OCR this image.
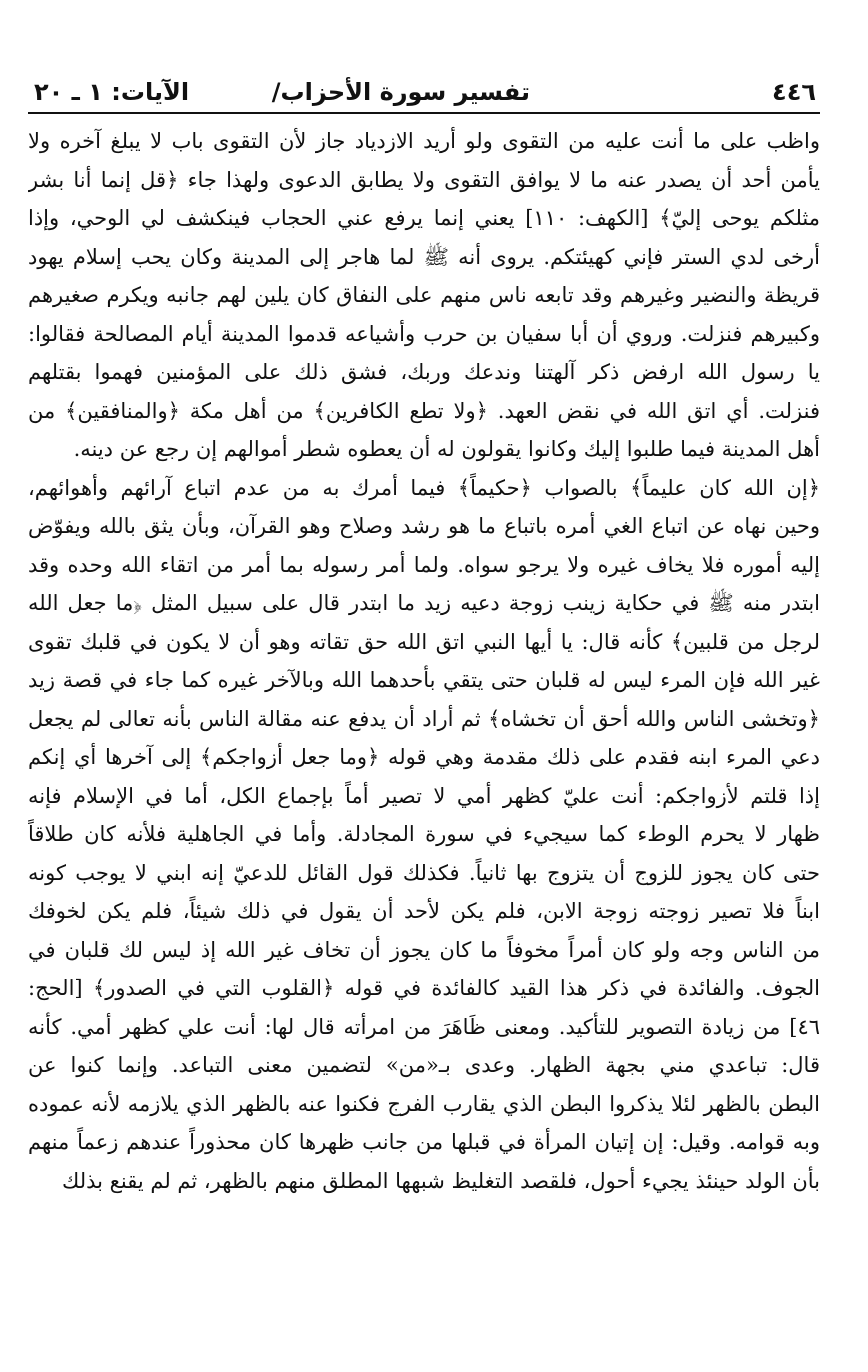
٤٤٦
تفسير سورة الأحزاب/
الآيات: ١ ـ ٢٠
واظب على ما أنت عليه من التقوى ولو أريد الازدياد جاز لأن التقوى باب لا يبلغ آخره ولا
يأمن أحد أن يصدر عنه ما لا يوافق التقوى ولا يطابق الدعوى ولهذا جاء ﴿قل إنما أنا بشر
مثلكم يوحى إليّ﴾ [الكهف: ١١٠] يعني إنما يرفع عني الحجاب فينكشف لي الوحي، وإذا
أرخى لدي الستر فإني كهيئتكم. يروى أنه ﷺ لما هاجر إلى المدينة وكان يحب إسلام يهود
قريظة والنضير وغيرهم وقد تابعه ناس منهم على النفاق كان يلين لهم جانبه ويكرم صغيرهم
وكبيرهم فنزلت. وروي أن أبا سفيان بن حرب وأشياعه قدموا المدينة أيام المصالحة فقالوا:
يا رسول الله ارفض ذكر آلهتنا وندعك وربك، فشق ذلك على المؤمنين فهموا بقتلهم
فنزلت. أي اتق الله في نقض العهد. ﴿ولا تطع الكافرين﴾ من أهل مكة ﴿والمنافقين﴾ من
أهل المدينة فيما طلبوا إليك وكانوا يقولون له أن يعطوه شطر أموالهم إن رجع عن دينه.
﴿إن الله كان عليماً﴾ بالصواب ﴿حكيماً﴾ فيما أمرك به من عدم اتباع آرائهم وأهوائهم،
وحين نهاه عن اتباع الغي أمره باتباع ما هو رشد وصلاح وهو القرآن، وبأن يثق بالله ويفوّض
إليه أموره فلا يخاف غيره ولا يرجو سواه. ولما أمر رسوله بما أمر من اتقاء الله وحده وقد
ابتدر منه ﷺ في حكاية زينب زوجة دعيه زيد ما ابتدر قال على سبيل المثل ﴿ما جعل الله
لرجل من قلبين﴾ كأنه قال: يا أيها النبي اتق الله حق تقاته وهو أن لا يكون في قلبك تقوى
غير الله فإن المرء ليس له قلبان حتى يتقي بأحدهما الله وبالآخر غيره كما جاء في قصة زيد
﴿وتخشى الناس والله أحق أن تخشاه﴾ ثم أراد أن يدفع عنه مقالة الناس بأنه تعالى لم يجعل
دعي المرء ابنه فقدم على ذلك مقدمة وهي قوله ﴿وما جعل أزواجكم﴾ إلى آخرها أي إنكم
إذا قلتم لأزواجكم: أنت عليّ كظهر أمي لا تصير أماً بإجماع الكل، أما في الإسلام فإنه
ظهار لا يحرم الوطء كما سيجيء في سورة المجادلة. وأما في الجاهلية فلأنه كان طلاقاً
حتى كان يجوز للزوج أن يتزوج بها ثانياً. فكذلك قول القائل للدعيّ إنه ابني لا يوجب كونه
ابناً فلا تصير زوجته زوجة الابن، فلم يكن لأحد أن يقول في ذلك شيئاً، فلم يكن لخوفك
من الناس وجه ولو كان أمراً مخوفاً ما كان يجوز أن تخاف غير الله إذ ليس لك قلبان في
الجوف. والفائدة في ذكر هذا القيد كالفائدة في قوله ﴿القلوب التي في الصدور﴾ [الحج:
٤٦] من زيادة التصوير للتأكيد. ومعنى ظَاهَرَ من امرأته قال لها: أنت علي كظهر أمي. كأنه
قال: تباعدي مني بجهة الظهار. وعدى بـ«من» لتضمين معنى التباعد. وإنما كنوا عن
البطن بالظهر لئلا يذكروا البطن الذي يقارب الفرج فكنوا عنه بالظهر الذي يلازمه لأنه عموده
وبه قوامه. وقيل: إن إتيان المرأة في قبلها من جانب ظهرها كان محذوراً عندهم زعماً منهم
بأن الولد حينئذ يجيء أحول، فلقصد التغليظ شبهها المطلق منهم بالظهر، ثم لم يقنع بذلك
